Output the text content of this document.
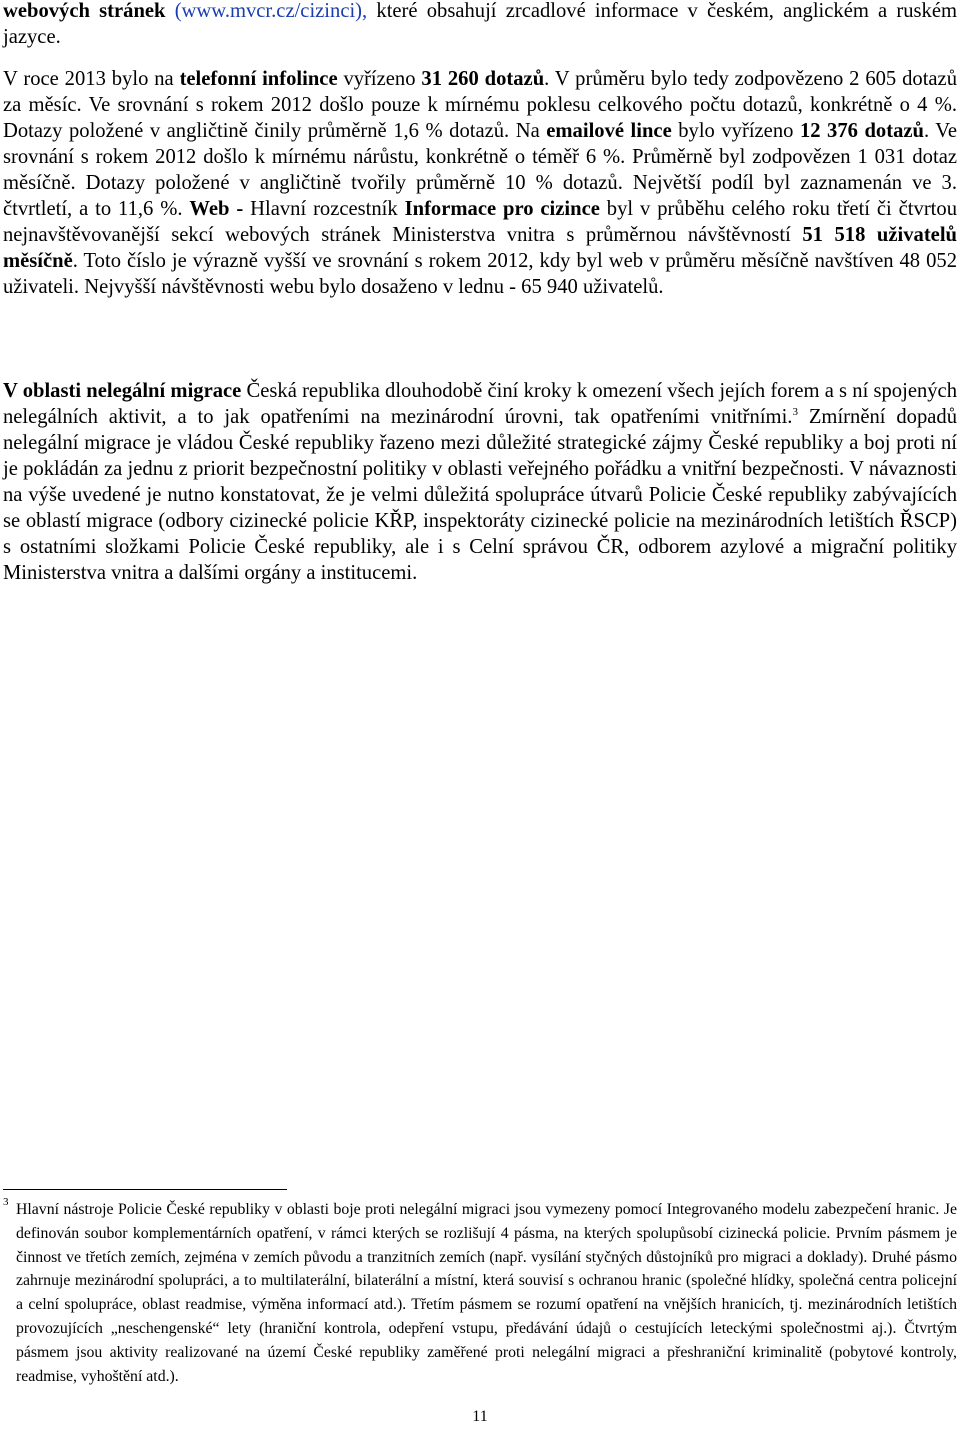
webových stránek (www.mvcr.cz/cizinci), které obsahují zrcadlové informace v českém, anglickém a ruském jazyce.

V roce 2013 bylo na telefonní infolince vyřízeno 31 260 dotazů. V průměru bylo tedy zodpovězeno 2 605 dotazů za měsíc. Ve srovnání s rokem 2012 došlo pouze k mírnému poklesu celkového počtu dotazů, konkrétně o 4 %. Dotazy položené v angličtině činily průměrně 1,6 % dotazů. Na emailové lince bylo vyřízeno 12 376 dotazů. Ve srovnání s rokem 2012 došlo k mírnému nárůstu, konkrétně o téměř 6 %. Průměrně byl zodpovězen 1 031 dotaz měsíčně. Dotazy položené v angličtině tvořily průměrně 10 % dotazů. Největší podíl byl zaznamenán ve 3. čtvrtletí, a to 11,6 %. Web - Hlavní rozcestník Informace pro cizince byl v průběhu celého roku třetí či čtvrtou nejnavštěvovanější sekcí webových stránek Ministerstva vnitra s průměrnou návštěvností 51 518 uživatelů měsíčně. Toto číslo je výrazně vyšší ve srovnání s rokem 2012, kdy byl web v průměru měsíčně navštíven 48 052 uživateli. Nejvyšší návštěvnosti webu bylo dosaženo v lednu - 65 940 uživatelů.

V oblasti nelegální migrace Česká republika dlouhodobě činí kroky k omezení všech jejích forem a s ní spojených nelegálních aktivit, a to jak opatřeními na mezinárodní úrovni, tak opatřeními vnitřními.$^3$ Zmírnění dopadů nelegální migrace je vládou České republiky řazeno mezi důležité strategické zájmy České republiky a boj proti ní je pokládán za jednu z priorit bezpečnostní politiky v oblasti veřejného pořádku a vnitřní bezpečnosti. V návaznosti na výše uvedené je nutno konstatovat, že je velmi důležitá spolupráce útvarů Policie České republiky zabývajících se oblastí migrace (odbory cizinecké policie KŘP, inspektoráty cizinecké policie na mezinárodních letištích ŘSCP) s ostatními složkami Policie České republiky, ale i s Celní správou ČR, odborem azylové a migrační politiky Ministerstva vnitra a dalšími orgány a institucemi.

3 Hlavní nástroje Policie České republiky v oblasti boje proti nelegální migraci jsou vymezeny pomocí Integrovaného modelu zabezpečení hranic. Je definován soubor komplementárních opatření, v rámci kterých se rozlišují 4 pásma, na kterých spolupůsobí cizinecká policie. Prvním pásmem je činnost ve třetích zemích, zejména v zemích původu a tranzitních zemích (např. vysílání styčných důstojníků pro migraci a doklady). Druhé pásmo zahrnuje mezinárodní spolupráci, a to multilaterální, bilaterální a místní, která souvisí s ochranou hranic (společné hlídky, společná centra policejní a celní spolupráce, oblast readmise, výměna informací atd.). Třetím pásmem se rozumí opatření na vnějších hranicích, tj. mezinárodních letištích provozujících „neschengenské“ lety (hraniční kontrola, odepření vstupu, předávání údajů o cestujících leteckými společnostmi aj.). Čtvrtým pásmem jsou aktivity realizované na území České republiky zaměřené proti nelegální migraci a přeshraniční kriminalitě (pobytové kontroly, readmise, vyhoštění atd.).
11
